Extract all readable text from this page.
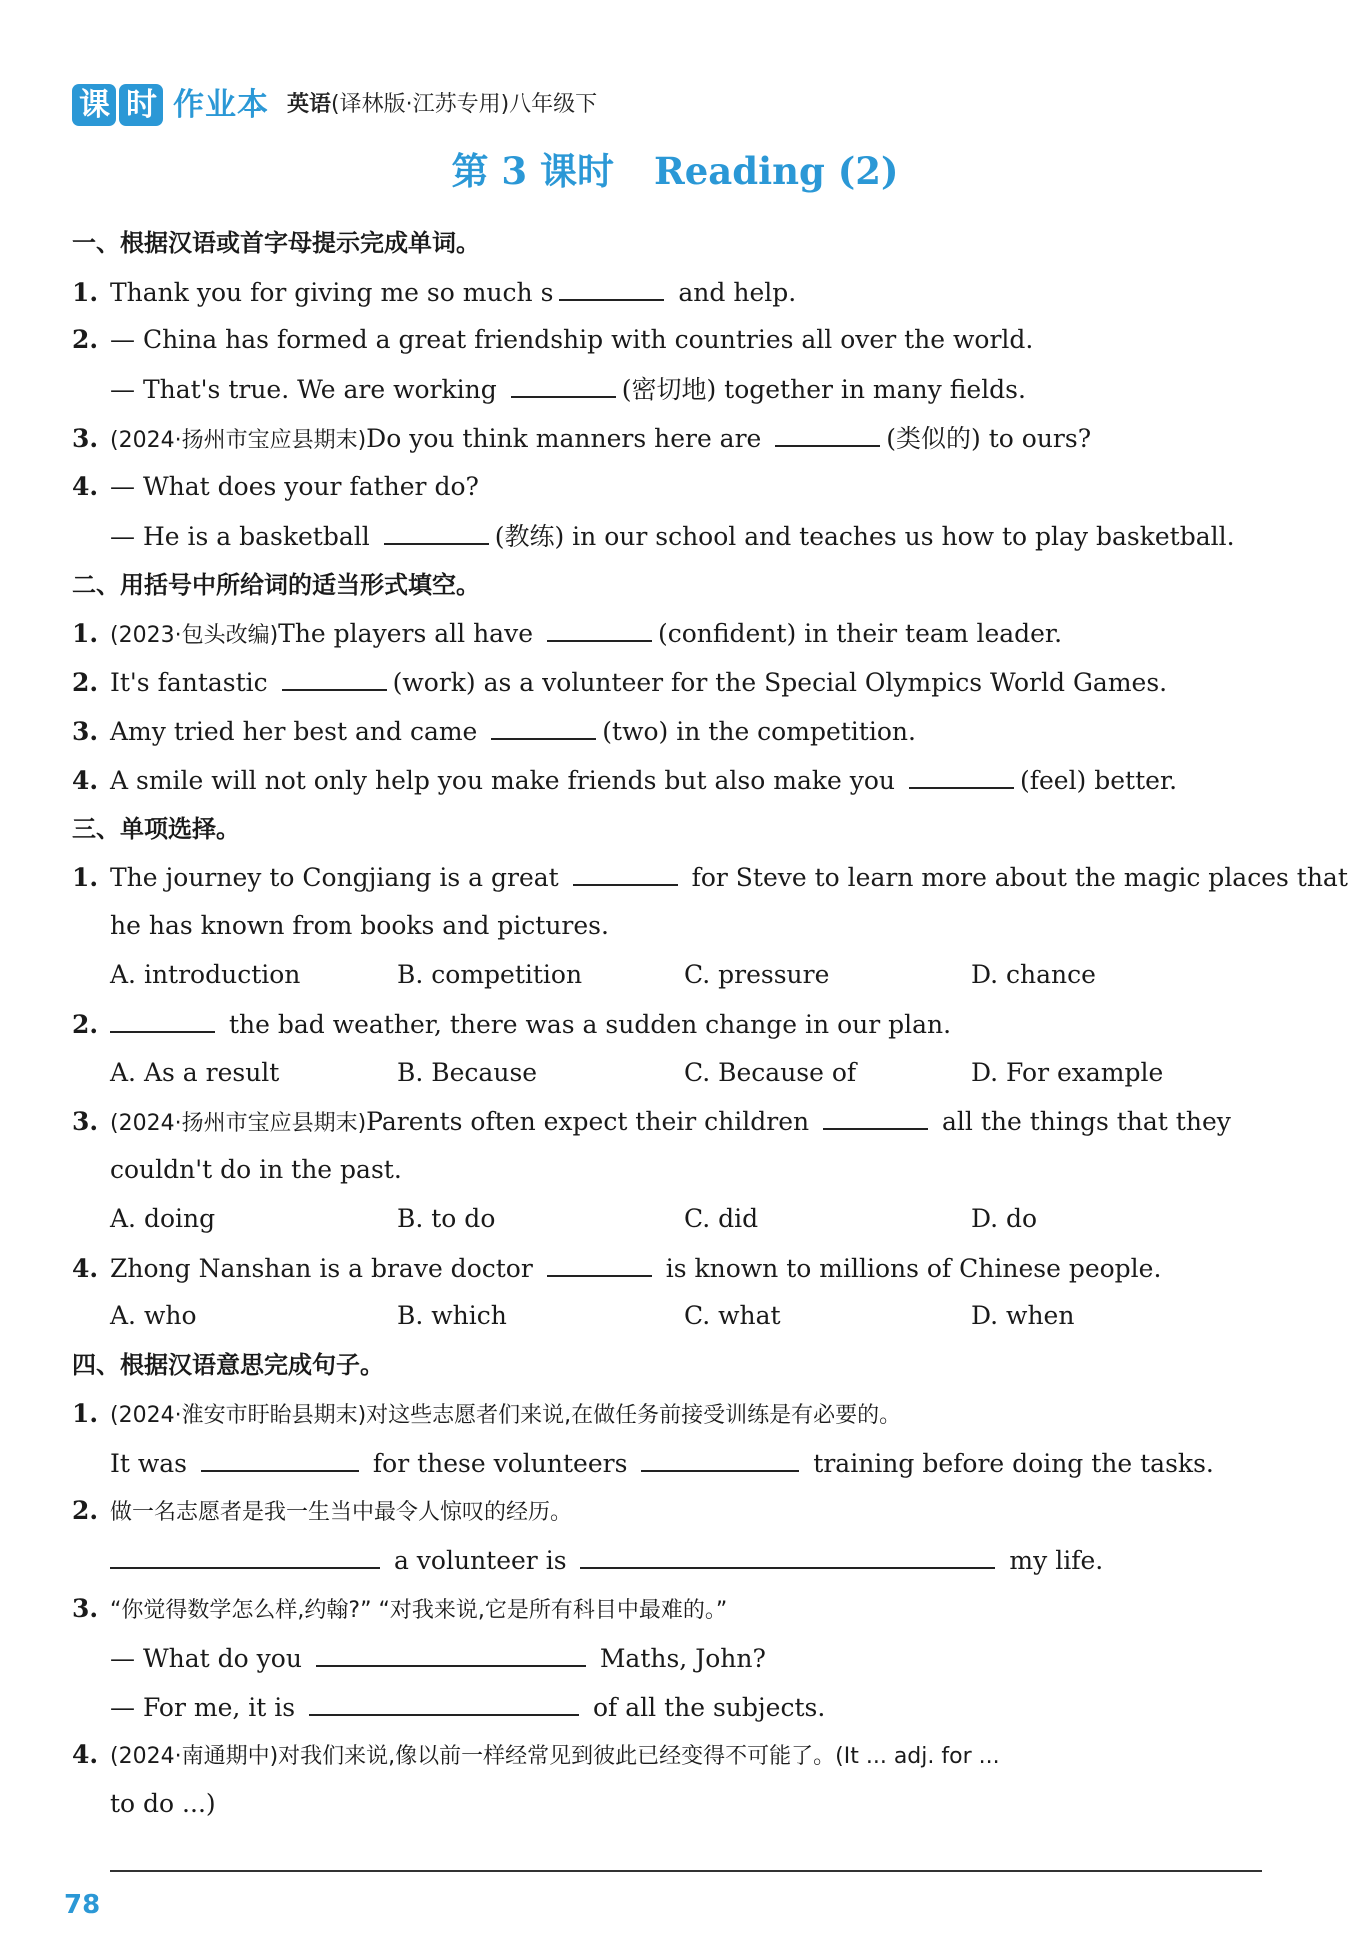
课 时 作业本 英语(译林版·江苏专用)八年级下
第 3 课时 Reading (2)
一、根据汉语或首字母提示完成单词。
1. Thank you for giving me so much s	and help.
2. — China has formed a great friendship with countries all over the world.
— That's true. We are working	(密切地) together in many fields.
3. (2024·扬州市宝应县期末)Do you think manners here are	(类似的) to ours?
4. — What does your father do?
— He is a basketball	(教练) in our school and teaches us how to play basketball.
二、用括号中所给词的适当形式填空。
1. (2023·包头改编)The players all have	(confident) in their team leader.
2. It's fantastic	(work) as a volunteer for the Special Olympics World Games.
3. Amy tried her best and came	(two) in the competition.
4. A smile will not only help you make friends but also make you	(feel) better.
三、单项选择。
1. The journey to Congjiang is a great	for Steve to learn more about the magic places that
he has known from books and pictures.
A. introduction	B. competition	C. pressure	D. chance
2.	the bad weather, there was a sudden change in our plan.
A. As a result	B. Because	C. Because of	D. For example
3. (2024·扬州市宝应县期末)Parents often expect their children	all the things that they
couldn't do in the past.
A. doing	B. to do	C. did	D. do
4. Zhong Nanshan is a brave doctor	is known to millions of Chinese people.
A. who	B. which	C. what	D. when
四、根据汉语意思完成句子。
1. (2024·淮安市盱眙县期末)对这些志愿者们来说,在做任务前接受训练是有必要的。
It was	for these volunteers	training before doing the tasks.
2. 做一名志愿者是我一生当中最令人惊叹的经历。
a volunteer is	my life.
3. “你觉得数学怎么样,约翰?” “对我来说,它是所有科目中最难的。”
— What do you	Maths, John?
— For me, it is	of all the subjects.
4. (2024·南通期中)对我们来说,像以前一样经常见到彼此已经变得不可能了。(It ... adj. for ...
to do ...)
78
